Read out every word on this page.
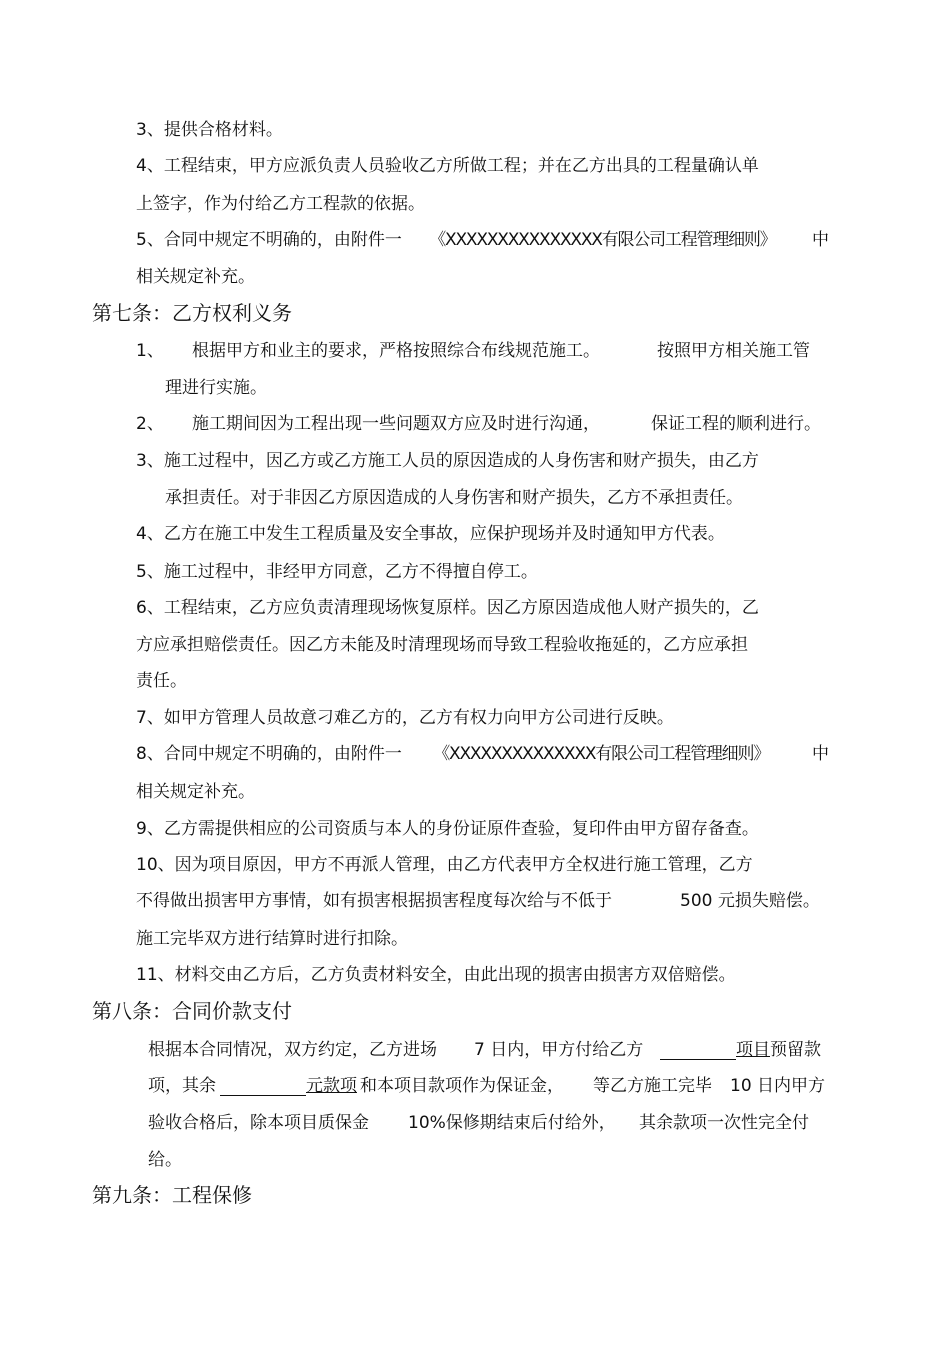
3、提供合格材料。
4、工程结束，甲方应派负责人员验收乙方所做工程；并在乙方出具的工程量确认单
上签字，作为付给乙方工程款的依据。
5、合同中规定不明确的，由附件一 《XXXXXXXXXXXXXXX有限公司工程管理细则》 中
相关规定补充。
第七条：乙方权利义务
1、 根据甲方和业主的要求，严格按照综合布线规范施工。	按照甲方相关施工管
理进行实施。
2、 施工期间因为工程出现一些问题双方应及时进行沟通，	保证工程的顺利进行。
3、施工过程中，因乙方或乙方施工人员的原因造成的人身伤害和财产损失，由乙方
承担责任。对于非因乙方原因造成的人身伤害和财产损失，乙方不承担责任。
4、乙方在施工中发生工程质量及安全事故，应保护现场并及时通知甲方代表。
5、施工过程中，非经甲方同意，乙方不得擅自停工。
6、工程结束，乙方应负责清理现场恢复原样。因乙方原因造成他人财产损失的，乙
方应承担赔偿责任。因乙方未能及时清理现场而导致工程验收拖延的，乙方应承担
责任。
7、如甲方管理人员故意刁难乙方的，乙方有权力向甲方公司进行反映。
8、合同中规定不明确的，由附件一 《XXXXXXXXXXXXXX有限公司工程管理细则》	中
相关规定补充。
9、乙方需提供相应的公司资质与本人的身份证原件查验，复印件由甲方留存备查。
10、因为项目原因，甲方不再派人管理，由乙方代表甲方全权进行施工管理，乙方
不得做出损害甲方事情，如有损害根据损害程度每次给与不低于	500 元损失赔偿。
施工完毕双方进行结算时进行扣除。
11、材料交由乙方后，乙方负责材料安全，由此出现的损害由损害方双倍赔偿。
第八条：合同价款支付
根据本合同情况，双方约定，乙方进场 7 日内，甲方付给乙方	项目 预留款
项，其余	元款项 和本项目款项作为保证金， 等乙方施工完毕 10 日内甲方
验收合格后，除本项目质保金 10%保修期结束后付给外， 其余款项一次性完全付
给。
第九条：工程保修
